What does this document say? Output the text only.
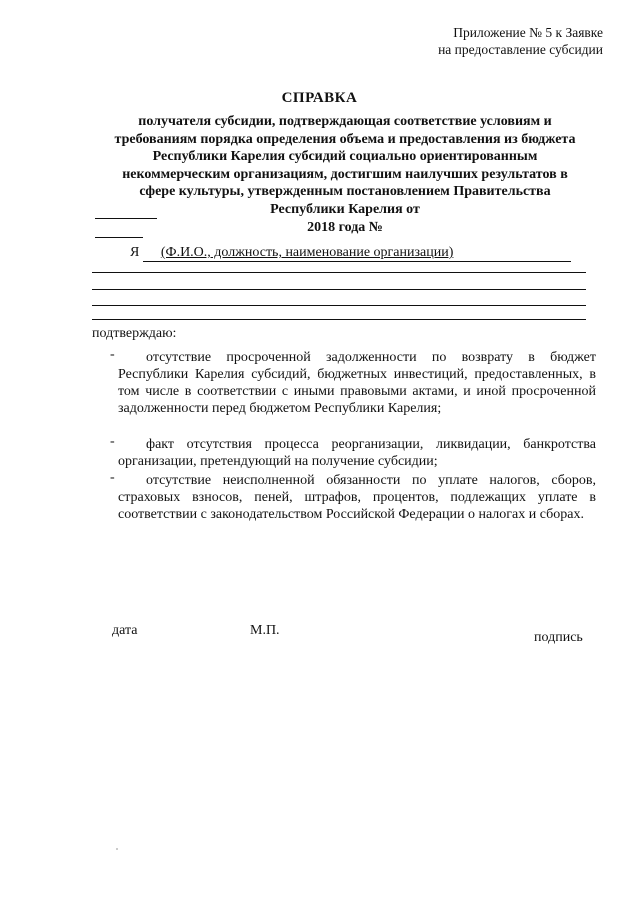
Приложение № 5 к Заявке
на предоставление субсидии
СПРАВКА
получателя субсидии, подтверждающая соответствие условиям и
требованиям порядка определения объема и предоставления из бюджета
Республики Карелия субсидий социально ориентированным
некоммерческим организациям, достигшим наилучших результатов в
сфере культуры, утвержденным постановлением Правительства
Республики Карелия от
2018 года №
Я (Ф.И.О., должность, наименование организации)
подтверждаю:
-	отсутствие просроченной задолженности по возврату в бюджет Республики Карелия субсидий, бюджетных инвестиций, предоставленных, в том числе в соответствии с иными правовыми актами, и иной просроченной задолженности перед бюджетом Республики Карелия;
-	факт отсутствия процесса реорганизации, ликвидации, банкротства организации, претендующий на получение субсидии;
-	отсутствие неисполненной обязанности по уплате налогов, сборов, страховых взносов, пеней, штрафов, процентов, подлежащих уплате в соответствии с законодательством Российской Федерации о налогах и сборах.
дата	М.П.	подпись
